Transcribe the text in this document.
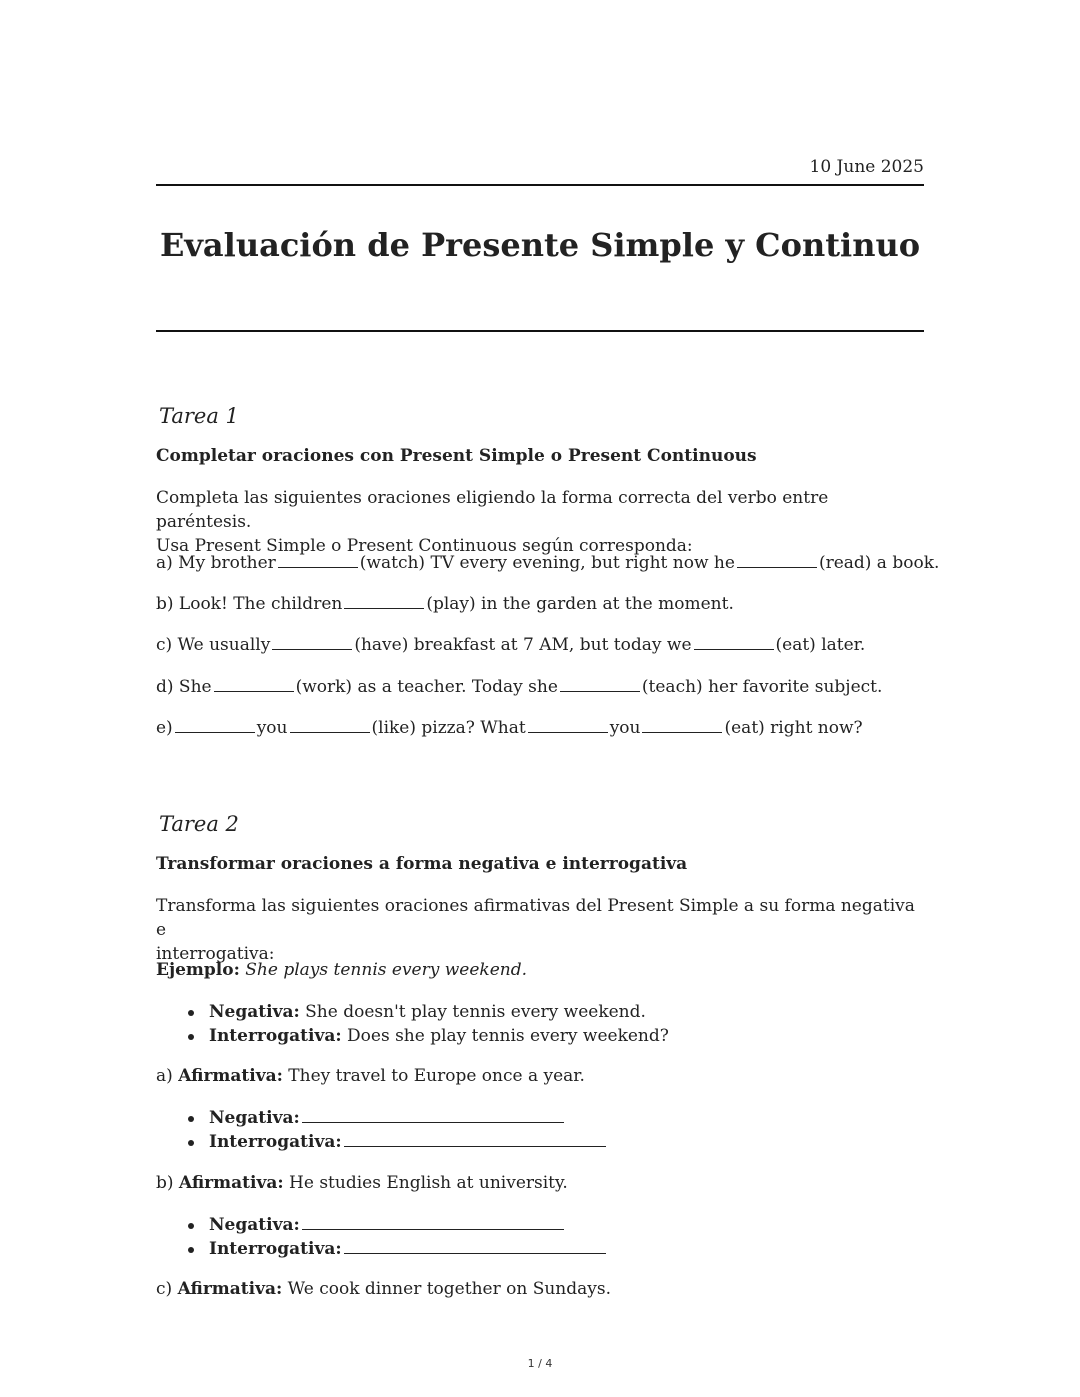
10 June 2025
Evaluación de Presente Simple y Continuo
Tarea 1

Completar oraciones con Present Simple o Present Continuous

Completa las siguientes oraciones eligiendo la forma correcta del verbo entre paréntesis.
Usa Present Simple o Present Continuous según corresponda:

a) My brother	(watch) TV every evening, but right now he	(read) a book.

b) Look! The children	(play) in the garden at the moment.

c) We usually	(have) breakfast at 7 AM, but today we	(eat) later.

d) She	(work) as a teacher. Today she	(teach) her favorite subject.

e)	you	(like) pizza? What	you	(eat) right now?

Tarea 2

Transformar oraciones a forma negativa e interrogativa

Transforma las siguientes oraciones afirmativas del Present Simple a su forma negativa e
interrogativa:

Ejemplo: She plays tennis every weekend.

Negativa: She doesn't play tennis every weekend.
Interrogativa: Does she play tennis every weekend?

a) Afirmativa: They travel to Europe once a year.

Negativa:
Interrogativa:

b) Afirmativa: He studies English at university.

Negativa:
Interrogativa:

c) Afirmativa: We cook dinner together on Sundays.

1 / 4
